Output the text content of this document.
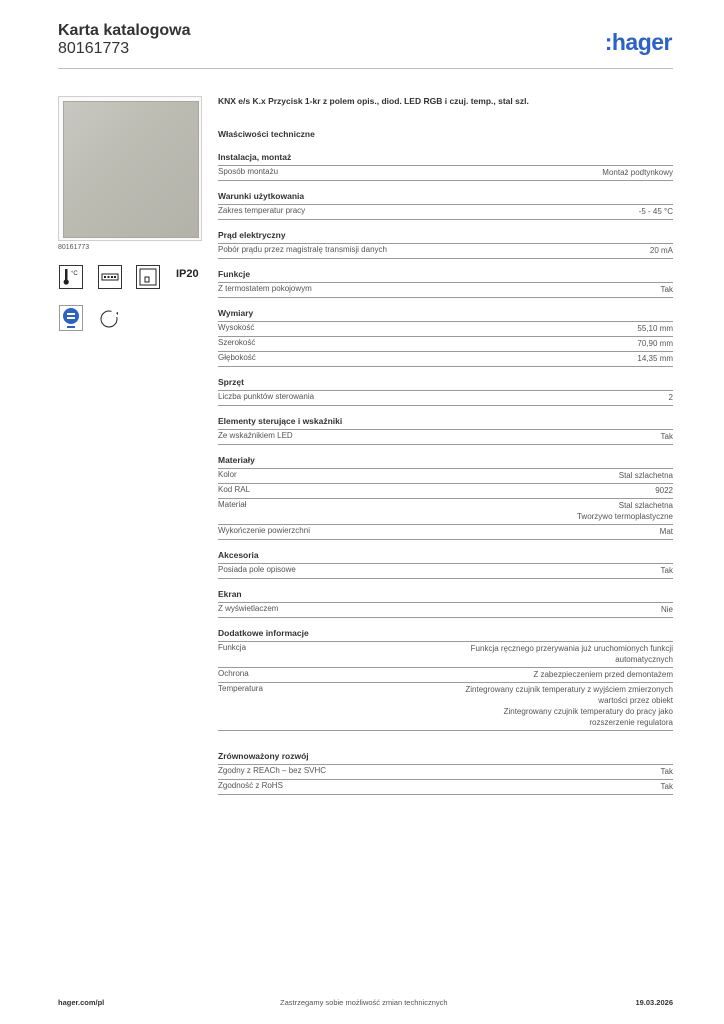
Karta katalogowa
80161773	:hager
80161773
°C	IP20
KNX e/s K.x Przycisk 1-kr z polem opis., diod. LED RGB i czuj. temp., stal szl.
Właściwości techniczne
Instalacja, montaż
Sposób montażu	Montaż podtynkowy
Warunki użytkowania
Zakres temperatur pracy	-5 - 45 °C
Prąd elektryczny
Pobór prądu przez magistralę transmisji danych	20 mA
Funkcje
Z termostatem pokojowym	Tak
Wymiary
Wysokość	55,10 mm
Szerokość	70,90 mm
Głębokość	14,35 mm
Sprzęt
Liczba punktów sterowania	2
Elementy sterujące i wskaźniki
Ze wskaźnikiem LED	Tak
Materiały
Kolor	Stal szlachetna
Kod RAL	9022
Materiał	Stal szlachetna
Tworzywo termoplastyczne
Wykończenie powierzchni	Mat
Akcesoria
Posiada pole opisowe	Tak
Ekran
Z wyświetlaczem	Nie
Dodatkowe informacje
Funkcja	Funkcja ręcznego przerywania już uruchomionych funkcji
automatycznych
Ochrona	Z zabezpieczeniem przed demontażem
Temperatura	Zintegrowany czujnik temperatury z wyjściem zmierzonych
wartości przez obiekt
Zintegrowany czujnik temperatury do pracy jako
rozszerzenie regulatora
Zrównoważony rozwój
Zgodny z REACh – bez SVHC	Tak
Zgodność z RoHS	Tak
hager.com/pl	Zastrzegamy sobie możliwość zmian technicznych	19.03.2026
